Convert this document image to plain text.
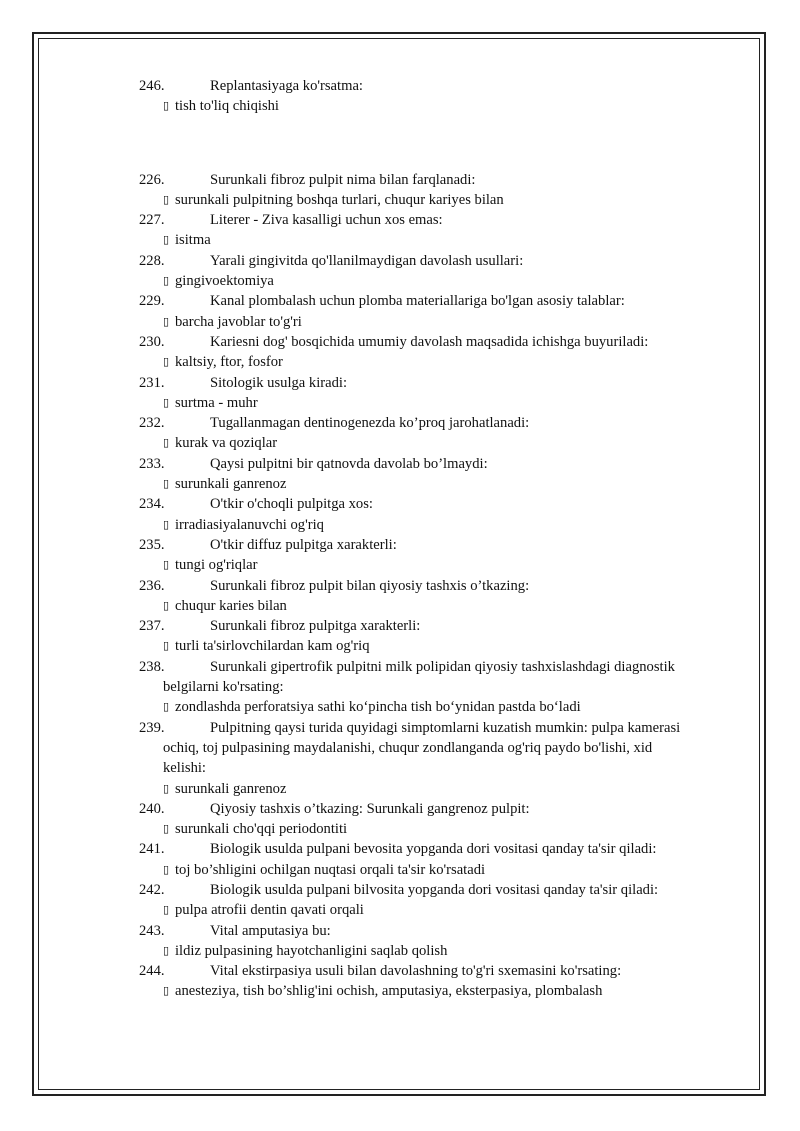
246.	Replantasiyaga ko'rsatma:
▯ tish to'liq chiqishi
226.	Surunkali fibroz pulpit nima bilan farqlanadi:
▯ surunkali pulpitning boshqa turlari, chuqur kariyes bilan
227.	Literer - Ziva kasalligi uchun xos emas:
▯ isitma
228.	Yarali gingivitda qo'llanilmaydigan davolash usullari:
▯ gingivoektomiya
229.	Kanal plombalash uchun plomba materiallariga bo'lgan asosiy talablar:
▯ barcha javoblar to'g'ri
230.	Kariesni dog' bosqichida umumiy davolash maqsadida ichishga buyuriladi:
▯ kaltsiy, ftor, fosfor
231.	Sitologik usulga kiradi:
▯ surtma - muhr
232.	Tugallanmagan dentinogenezda ko’proq jarohatlanadi:
▯ kurak va qoziqlar
233.	Qaysi pulpitni bir qatnovda davolab bo’lmaydi:
▯ surunkali ganrenoz
234.	O'tkir o'choqli pulpitga xos:
▯ irradiasiyalanuvchi og'riq
235.	O'tkir diffuz pulpitga xarakterli:
▯ tungi og'riqlar
236.	Surunkali fibroz pulpit bilan qiyosiy tashxis o’tkazing:
▯ chuqur karies bilan
237.	Surunkali fibroz pulpitga xarakterli:
▯ turli ta'sirlovchilardan kam og'riq
238.	Surunkali gipertrofik pulpitni milk polipidan qiyosiy tashxislashdagi diagnostik
belgilarni ko'rsating:
▯ zondlashda perforatsiya sathi ko‘pincha tish bo‘ynidan pastda bo‘ladi
239.	Pulpitning qaysi turida quyidagi simptomlarni kuzatish mumkin: pulpa kamerasi
ochiq, toj pulpasining maydalanishi, chuqur zondlanganda og'riq paydo bo'lishi, xid
kelishi:
▯ surunkali ganrenoz
240.	Qiyosiy tashxis o’tkazing: Surunkali gangrenoz pulpit:
▯ surunkali cho'qqi periodontiti
241.	Biologik usulda pulpani bevosita yopganda dori vositasi qanday ta'sir qiladi:
▯ toj bo’shligini ochilgan nuqtasi orqali ta'sir ko'rsatadi
242.	Biologik usulda pulpani bilvosita yopganda dori vositasi qanday ta'sir qiladi:
▯ pulpa atrofii dentin qavati orqali
243.	Vital amputasiya bu:
▯ ildiz pulpasining hayotchanligini saqlab qolish
244.	Vital ekstirpasiya usuli bilan davolashning to'g'ri sxemasini ko'rsating:
▯ anesteziya, tish bo’shlig'ini ochish, amputasiya, eksterpasiya, plombalash
